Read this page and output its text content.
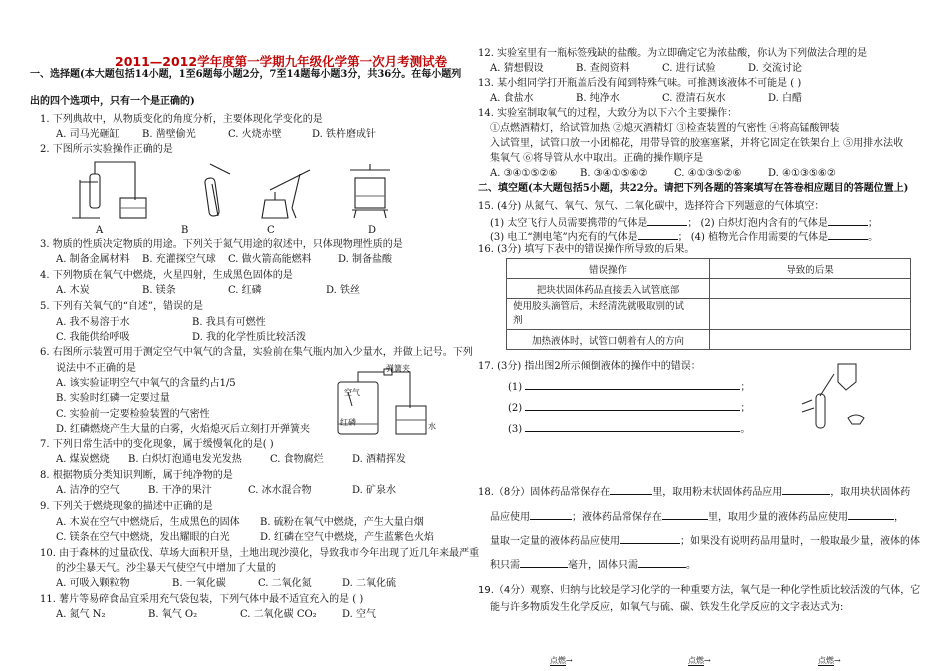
2011—2012学年度第一学期九年级化学第一次月考测试卷
一、选择题(本大题包括14小题，1至6题每小题2分，7至14题每小题3分，共36分。在每小题列
出的四个选项中，只有一个是正确的)
1. 下列典故中，从物质变化的角度分析，主要体现化学变化的是
A. 司马光砸缸 B. 凿壁偷光	C. 火烧赤壁	D. 铁杵磨成针
2. 下图所示实验操作正确的是
A	B	C	D
3. 物质的性质决定物质的用途。下列关于氮气用途的叙述中，只体现物理性质的是
A. 制备金属材料 B. 充灌探空气球 C. 做火箭高能燃料	D. 制备盐酸
4. 下列物质在氧气中燃烧，火星四射，生成黑色固体的是
A. 木炭	B. 镁条	C. 红磷	D. 铁丝
5. 下列有关氧气的“自述”，错误的是
A. 我不易溶于水	B. 我具有可燃性
C. 我能供给呼吸	D. 我的化学性质比较活泼
6. 右图所示装置可用于测定空气中氧气的含量，实验前在集气瓶内加入少量水，并做上记号。下列
说法中不正确的是
A. 该实验证明空气中氧气的含量约占1/5
B. 实验时红磷一定要过量
C. 实验前一定要检验装置的气密性
D. 红磷燃烧产生大量的白雾，火焰熄灭后立刻打开弹簧夹
弹簧夹
空气
红磷	水
7. 下列日常生活中的变化现象，属于缓慢氧化的是( )
A. 煤炭燃烧 B. 白炽灯泡通电发光发热	C. 食物腐烂	D. 酒精挥发
8. 根据物质分类知识判断，属于纯净物的是
A. 洁净的空气	B. 干净的果汁	C. 冰水混合物	D. 矿泉水
9. 下列关于燃烧现象的描述中正确的是
A. 木炭在空气中燃烧后，生成黑色的固体 B. 硫粉在氧气中燃烧，产生大量白烟
C. 镁条在空气中燃烧，发出耀眼的白光	D. 红磷在空气中燃烧，产生蓝紫色火焰
10. 由于森林的过量砍伐、草场大面积开垦，土地出现沙漠化，导致我市今年出现了近几年来最严重
的沙尘暴天气。沙尘暴天气使空气中增加了大量的
A. 可吸入颗粒物	B. 一氧化碳	C. 二氧化氮	D. 二氧化硫
11. 薯片等易碎食品宜采用充气袋包装，下列气体中最不适宜充入的是 ( )
A. 氮气 N₂	B. 氧气 O₂	C. 二氧化碳 CO₂	D. 空气
12. 实验室里有一瓶标签残缺的盐酸。为立即确定它为浓盐酸，你认为下列做法合理的是
A. 猜想假设	B. 查阅资料	C. 进行试验	D. 交流讨论
13. 某小组同学打开瓶盖后没有闻到特殊气味。可推测该液体不可能是 ( )
A. 食盐水	B. 纯净水	C. 澄清石灰水	D. 白醋
14. 实验室制取氧气的过程，大致分为以下六个主要操作：
①点燃酒精灯，给试管加热 ②熄灭酒精灯 ③检查装置的气密性 ④将高锰酸钾装
入试管里，试管口放一小团棉花，用带导管的胶塞塞紧，并将它固定在铁架台上 ⑤用排水法收
集氧气 ⑥将导管从水中取出。正确的操作顺序是
A. ③④①⑤②⑥ B. ③④①⑤⑥②	C. ④①③⑤②⑥	D. ④①③⑤⑥②
二、填空题(本大题包括5小题，共22分。请把下列各题的答案填写在答卷相应题目的答题位置上)
15. (4分) 从氮气、氧气、氖气、二氧化碳中，选择符合下列题意的气体填空：
(1) 太空飞行人员需要携带的气体是	； (2) 白炽灯泡内含有的气体是	；
(3) 电工“测电笔”内充有的气体是	； (4) 植物光合作用需要的气体是	。
16. (3分) 填写下表中的错误操作所导致的后果。
错误操作	导致的后果
把块状固体药品直接丢入试管底部	
使用胶头滴管后，未经清洗就吸取别的试
剂	
加热液体时，试管口朝着有人的方向	
17. (3分) 指出图2所示倾倒液体的操作中的错误：
(1)	；
(2)	；
(3)	。
18.（8分）固体药品常保存在	里，取用粉末状固体药品应用	，取用块状固体药
品应使用	；液体药品常保存在	里，取用少量的液体药品应使用	，
量取一定量的液体药品应使用	；如果没有说明药品用量时，一般取最少量，液体的体
积只需	毫升，固体只需	。
19.（4分）观察、归纳与比较是学习化学的一种重要方法，氧气是一种化学性质比较活泼的气体，它
能与许多物质发生化学反应，如氧气与硫、碳、铁发生化学反应的文字表达式为:
点燃→	点燃→	点燃→
